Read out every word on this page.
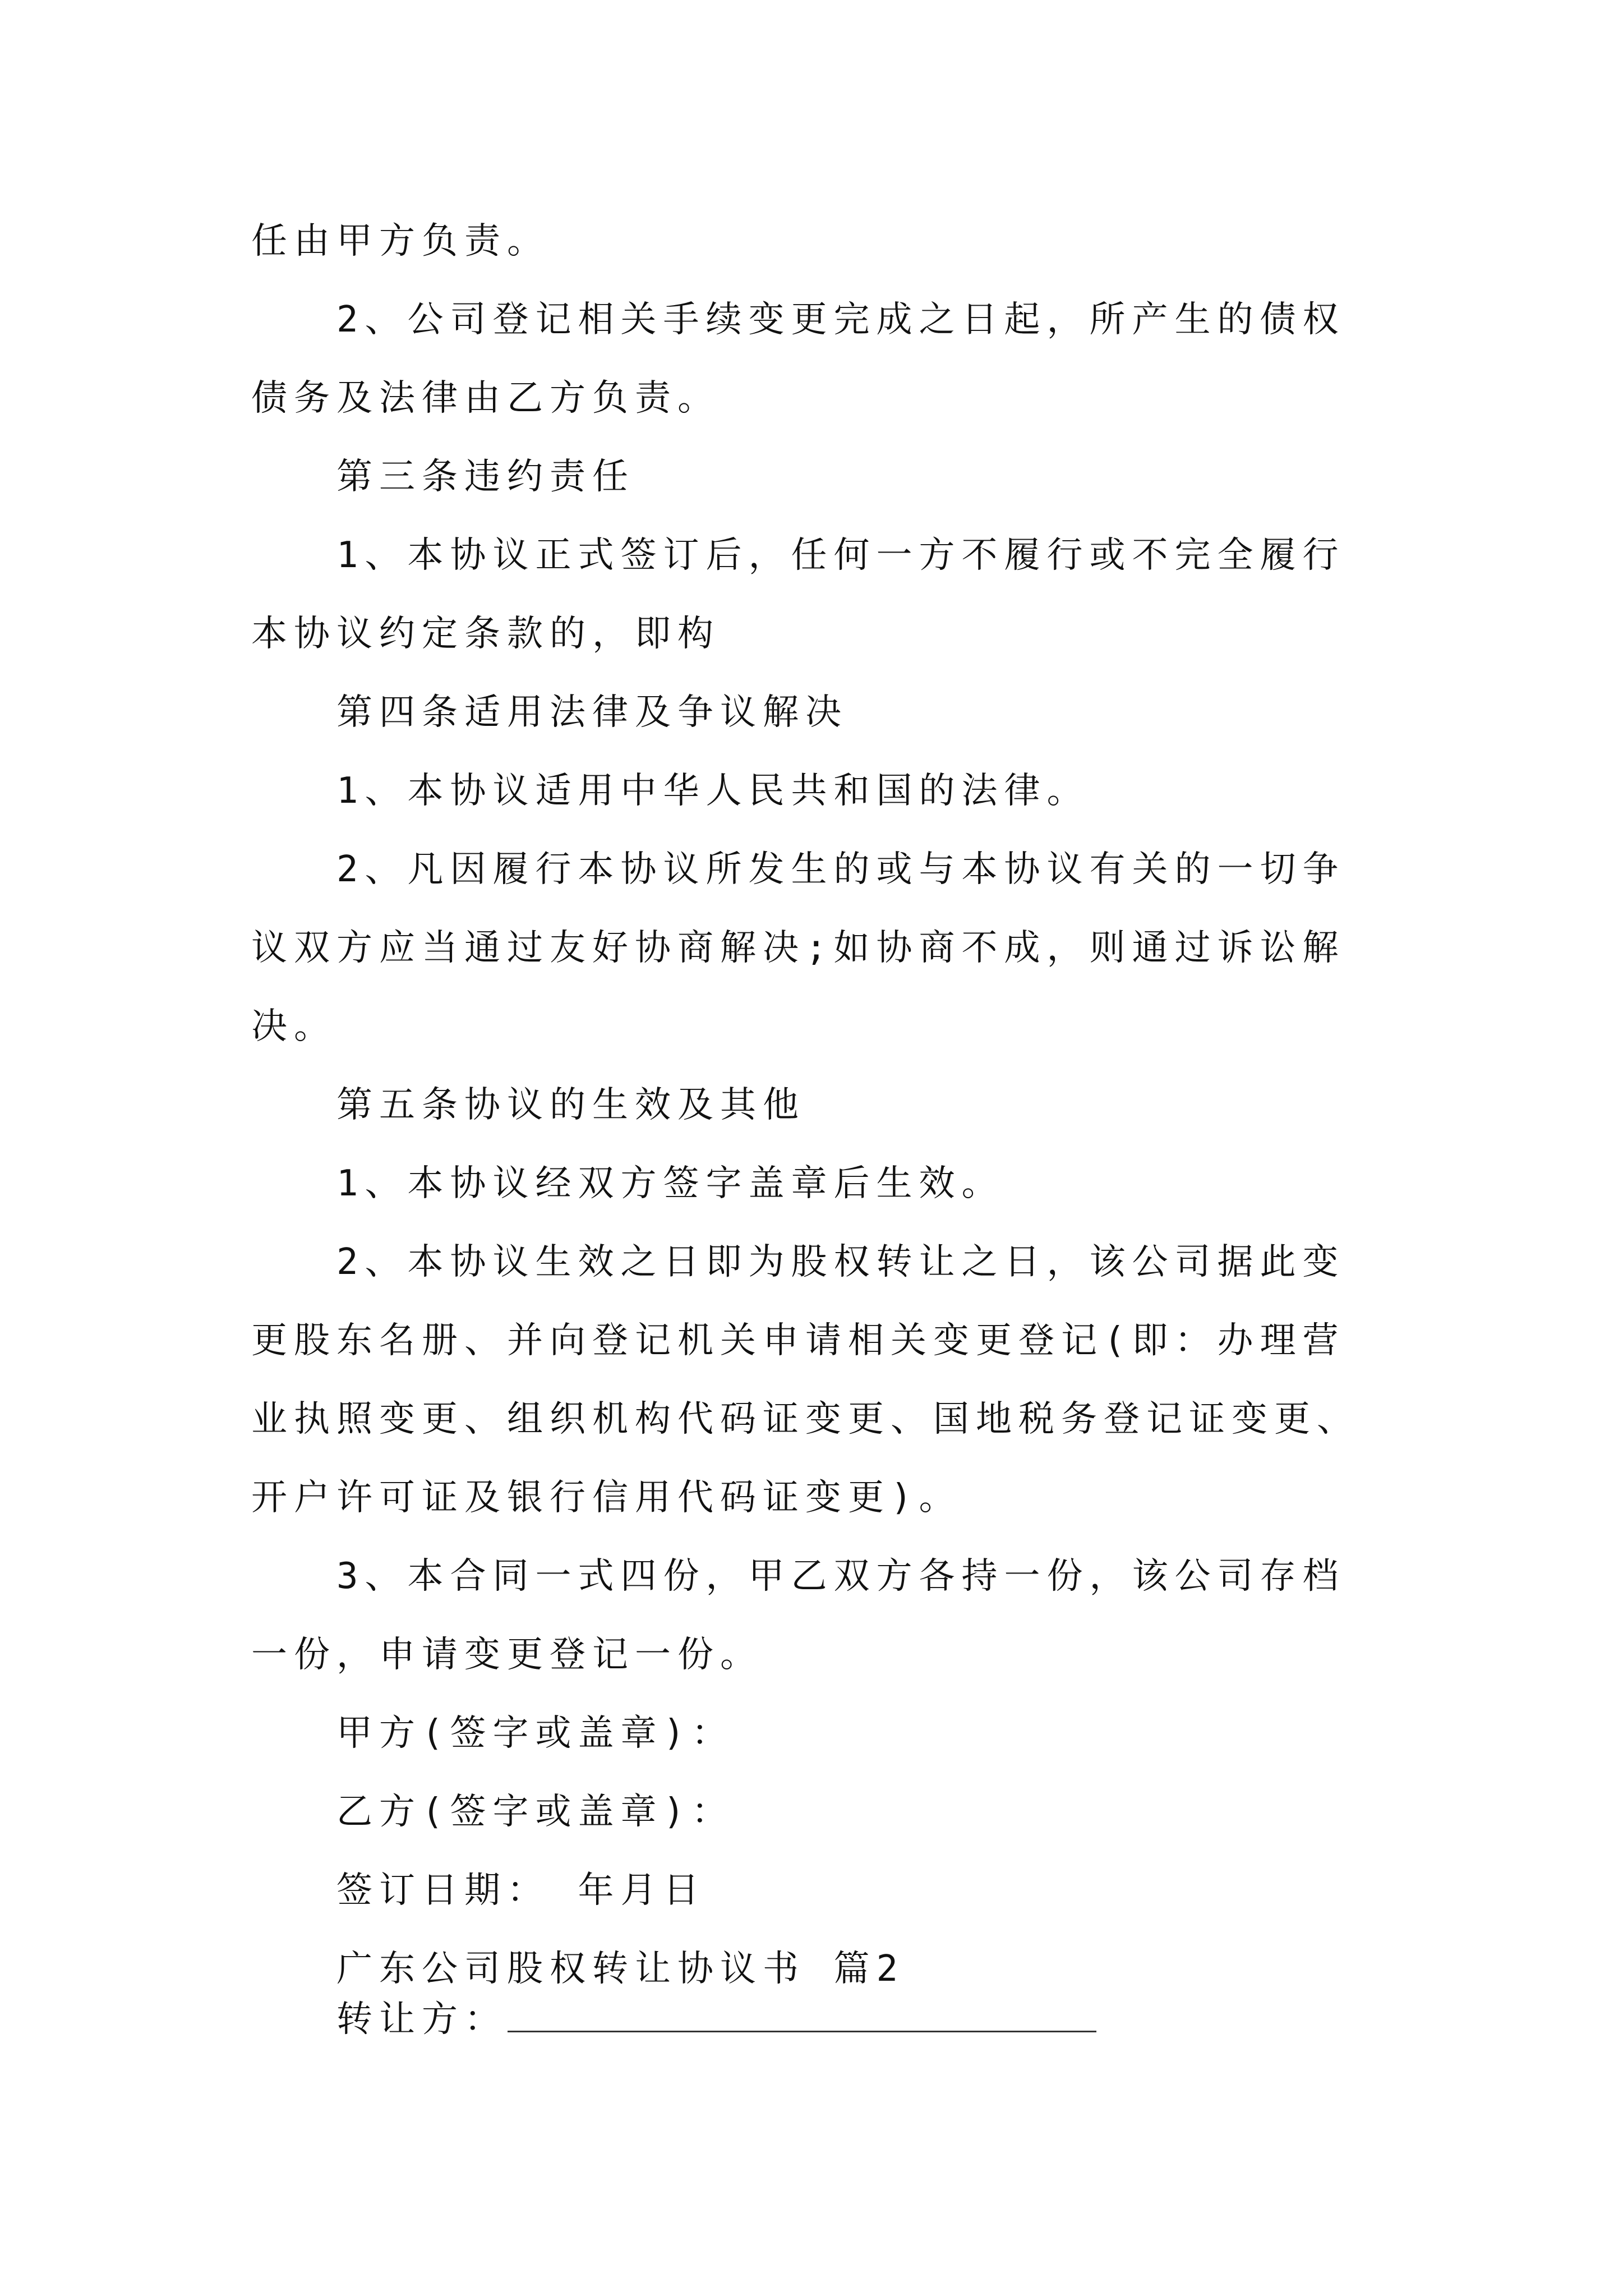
任由甲方负责。
2、公司登记相关手续变更完成之日起，所产生的债权
债务及法律由乙方负责。
第三条违约责任
1、本协议正式签订后，任何一方不履行或不完全履行
本协议约定条款的，即构
第四条适用法律及争议解决
1、本协议适用中华人民共和国的法律。
2、凡因履行本协议所发生的或与本协议有关的一切争
议双方应当通过友好协商解决;如协商不成，则通过诉讼解
决。
第五条协议的生效及其他
1、本协议经双方签字盖章后生效。
2、本协议生效之日即为股权转让之日，该公司据此变
更股东名册、并向登记机关申请相关变更登记(即：办理营
业执照变更、组织机构代码证变更、国地税务登记证变更、
开户许可证及银行信用代码证变更)。
3、本合同一式四份，甲乙双方各持一份，该公司存档
一份，申请变更登记一份。
甲方(签字或盖章)：
乙方(签字或盖章)：
签订日期： 年月日
广东公司股权转让协议书 篇2
转让方：
